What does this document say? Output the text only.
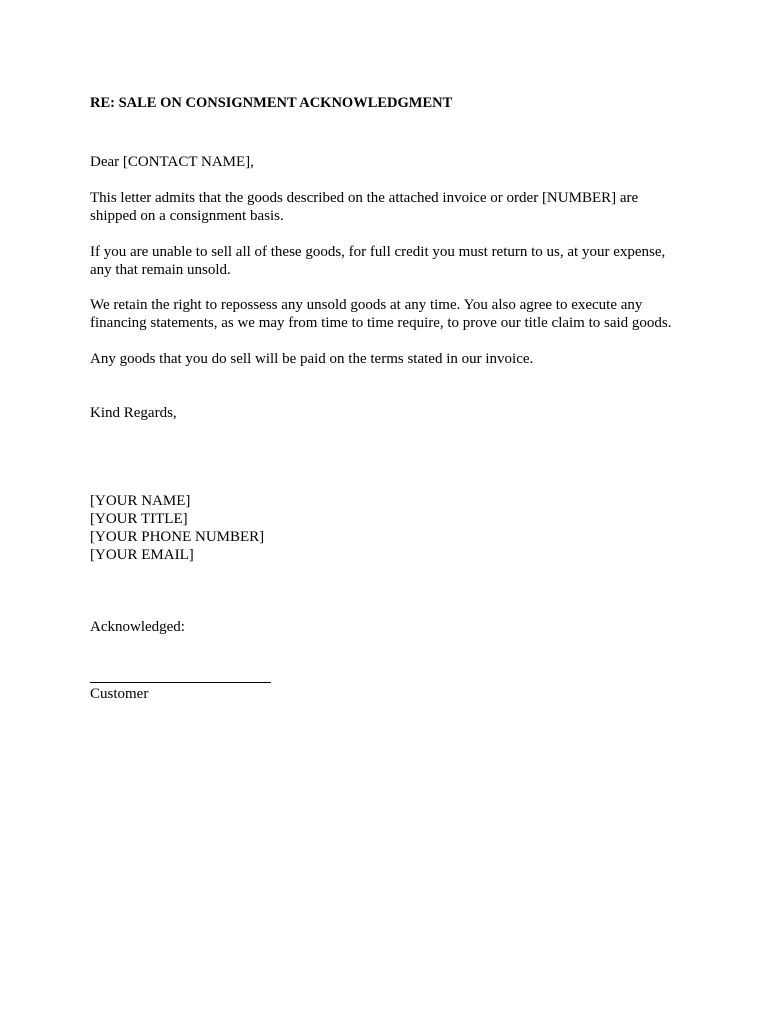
RE: SALE ON CONSIGNMENT ACKNOWLEDGMENT
Dear [CONTACT NAME],
This letter admits that the goods described on the attached invoice or order [NUMBER] are
shipped on a consignment basis.
If you are unable to sell all of these goods, for full credit you must return to us, at your expense,
any that remain unsold.
We retain the right to repossess any unsold goods at any time. You also agree to execute any
financing statements, as we may from time to time require, to prove our title claim to said goods.
Any goods that you do sell will be paid on the terms stated in our invoice.
Kind Regards,
[YOUR NAME]
[YOUR TITLE]
[YOUR PHONE NUMBER]
[YOUR EMAIL]
Acknowledged:
Customer
